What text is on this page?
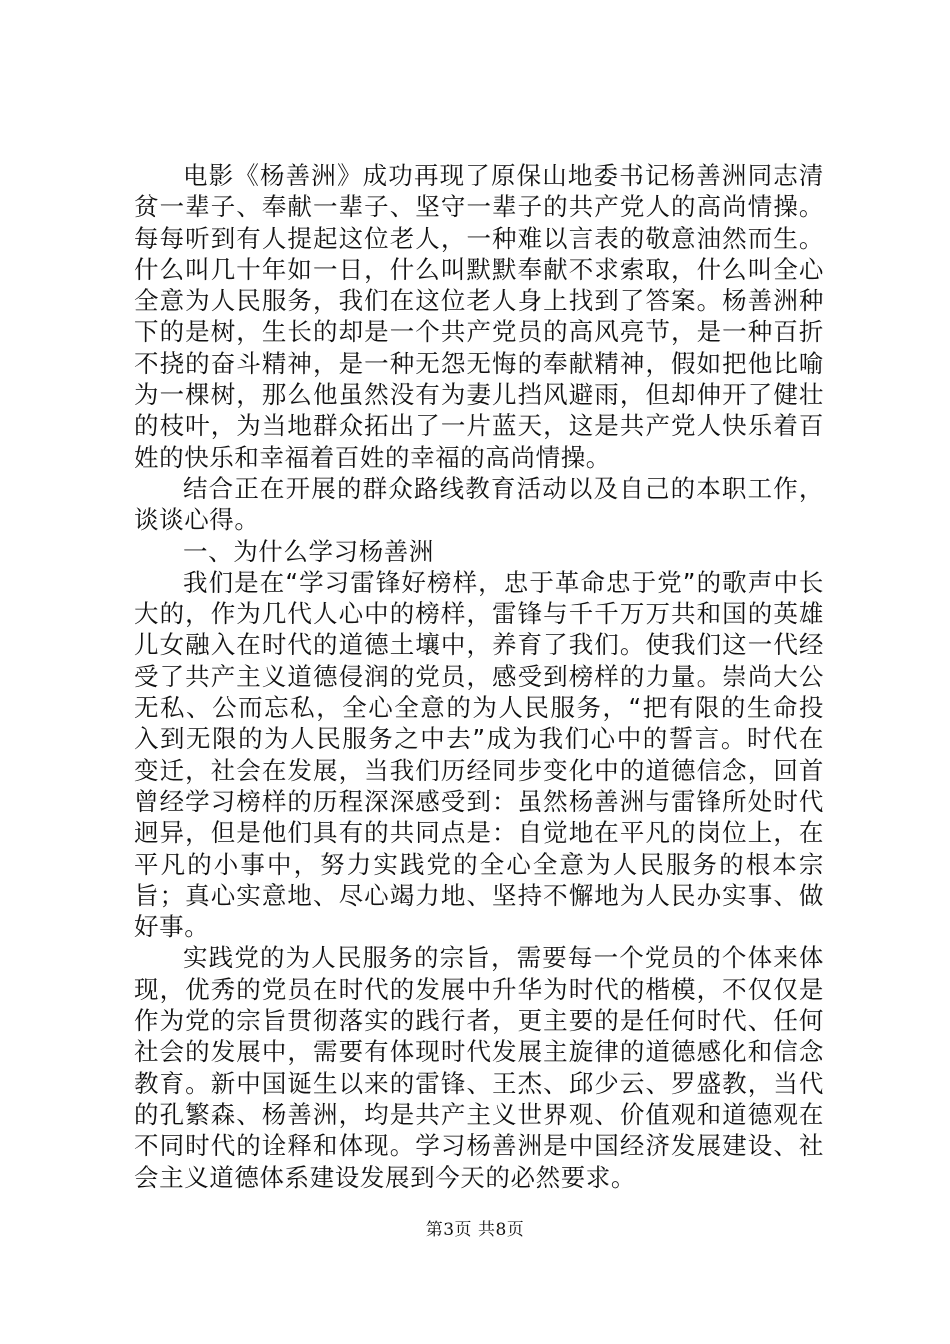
电影《杨善洲》成功再现了原保山地委书记杨善洲同志清贫一辈子、奉献一辈子、坚守一辈子的共产党人的高尚情操。每每听到有人提起这位老人，一种难以言表的敬意油然而生。什么叫几十年如一日，什么叫默默奉献不求索取，什么叫全心全意为人民服务，我们在这位老人身上找到了答案。杨善洲种下的是树，生长的却是一个共产党员的高风亮节，是一种百折不挠的奋斗精神，是一种无怨无悔的奉献精神，假如把他比喻为一棵树，那么他虽然没有为妻儿挡风避雨，但却伸开了健壮的枝叶，为当地群众拓出了一片蓝天，这是共产党人快乐着百姓的快乐和幸福着百姓的幸福的高尚情操。

结合正在开展的群众路线教育活动以及自己的本职工作，谈谈心得。

一、为什么学习杨善洲

我们是在“学习雷锋好榜样，忠于革命忠于党”的歌声中长大的，作为几代人心中的榜样，雷锋与千千万万共和国的英雄儿女融入在时代的道德土壤中，养育了我们。使我们这一代经受了共产主义道德侵润的党员，感受到榜样的力量。崇尚大公无私、公而忘私，全心全意的为人民服务，“把有限的生命投入到无限的为人民服务之中去”成为我们心中的誓言。时代在变迁，社会在发展，当我们历经同步变化中的道德信念，回首曾经学习榜样的历程深深感受到：虽然杨善洲与雷锋所处时代迥异，但是他们具有的共同点是：自觉地在平凡的岗位上，在平凡的小事中，努力实践党的全心全意为人民服务的根本宗旨；真心实意地、尽心竭力地、坚持不懈地为人民办实事、做好事。

实践党的为人民服务的宗旨，需要每一个党员的个体来体现，优秀的党员在时代的发展中升华为时代的楷模，不仅仅是作为党的宗旨贯彻落实的践行者，更主要的是任何时代、任何社会的发展中，需要有体现时代发展主旋律的道德感化和信念教育。新中国诞生以来的雷锋、王杰、邱少云、罗盛教，当代的孔繁森、杨善洲，均是共产主义世界观、价值观和道德观在不同时代的诠释和体现。学习杨善洲是中国经济发展建设、社会主义道德体系建设发展到今天的必然要求。

第3页 共8页
